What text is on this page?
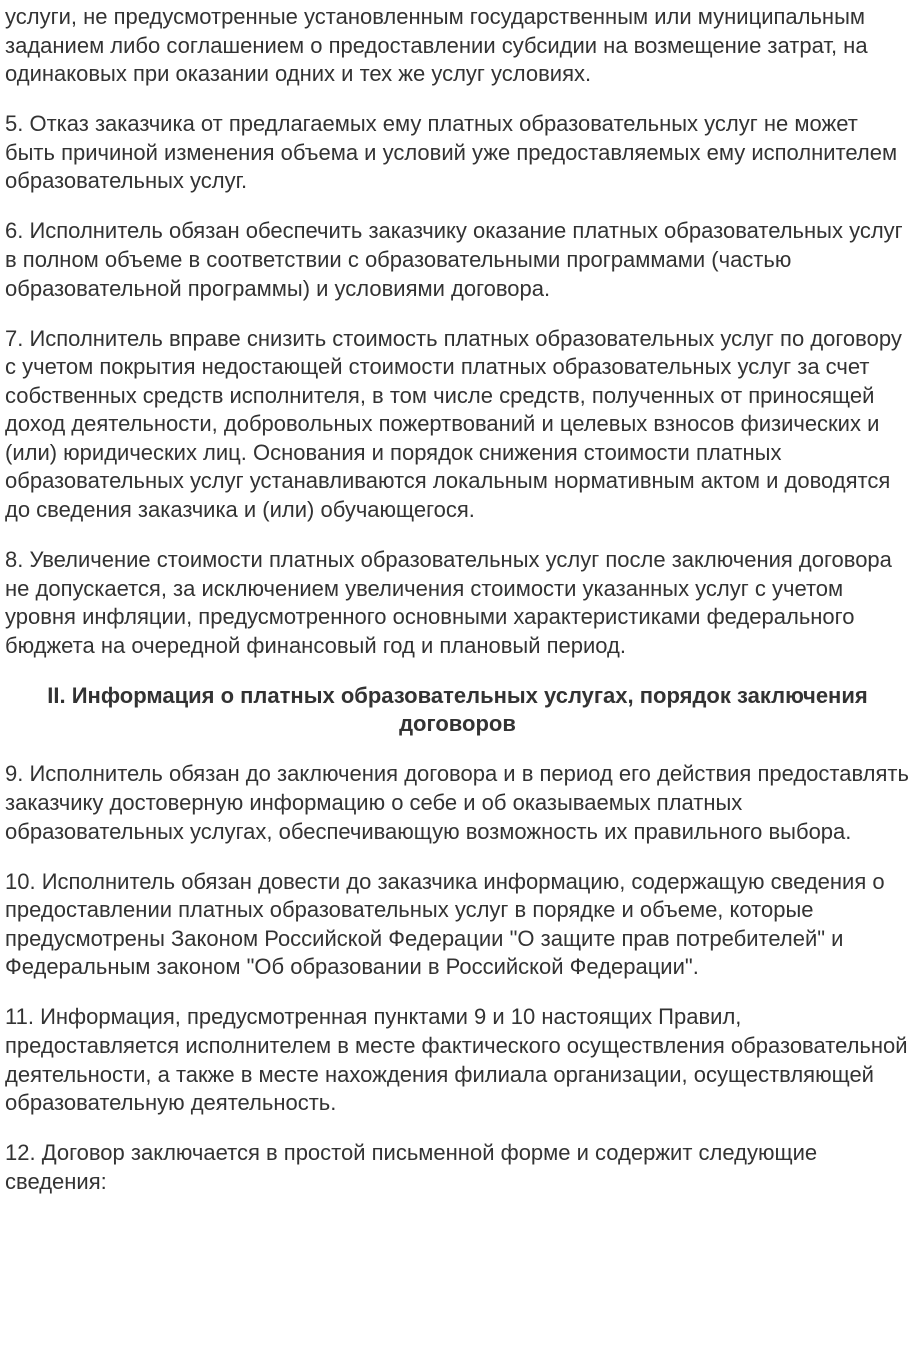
услуги, не предусмотренные установленным государственным или муниципальным заданием либо соглашением о предоставлении субсидии на возмещение затрат, на одинаковых при оказании одних и тех же услуг условиях.

5. Отказ заказчика от предлагаемых ему платных образовательных услуг не может быть причиной изменения объема и условий уже предоставляемых ему исполнителем образовательных услуг.

6. Исполнитель обязан обеспечить заказчику оказание платных образовательных услуг в полном объеме в соответствии с образовательными программами (частью образовательной программы) и условиями договора.

7. Исполнитель вправе снизить стоимость платных образовательных услуг по договору с учетом покрытия недостающей стоимости платных образовательных услуг за счет собственных средств исполнителя, в том числе средств, полученных от приносящей доход деятельности, добровольных пожертвований и целевых взносов физических и (или) юридических лиц. Основания и порядок снижения стоимости платных образовательных услуг устанавливаются локальным нормативным актом и доводятся до сведения заказчика и (или) обучающегося.

8. Увеличение стоимости платных образовательных услуг после заключения договора не допускается, за исключением увеличения стоимости указанных услуг с учетом уровня инфляции, предусмотренного основными характеристиками федерального бюджета на очередной финансовый год и плановый период.

II. Информация о платных образовательных услугах, порядок заключения договоров

9. Исполнитель обязан до заключения договора и в период его действия предоставлять заказчику достоверную информацию о себе и об оказываемых платных образовательных услугах, обеспечивающую возможность их правильного выбора.

10. Исполнитель обязан довести до заказчика информацию, содержащую сведения о предоставлении платных образовательных услуг в порядке и объеме, которые предусмотрены Законом Российской Федерации "О защите прав потребителей" и Федеральным законом "Об образовании в Российской Федерации".

11. Информация, предусмотренная пунктами 9 и 10 настоящих Правил, предоставляется исполнителем в месте фактического осуществления образовательной деятельности, а также в месте нахождения филиала организации, осуществляющей образовательную деятельность.

12. Договор заключается в простой письменной форме и содержит следующие сведения:
